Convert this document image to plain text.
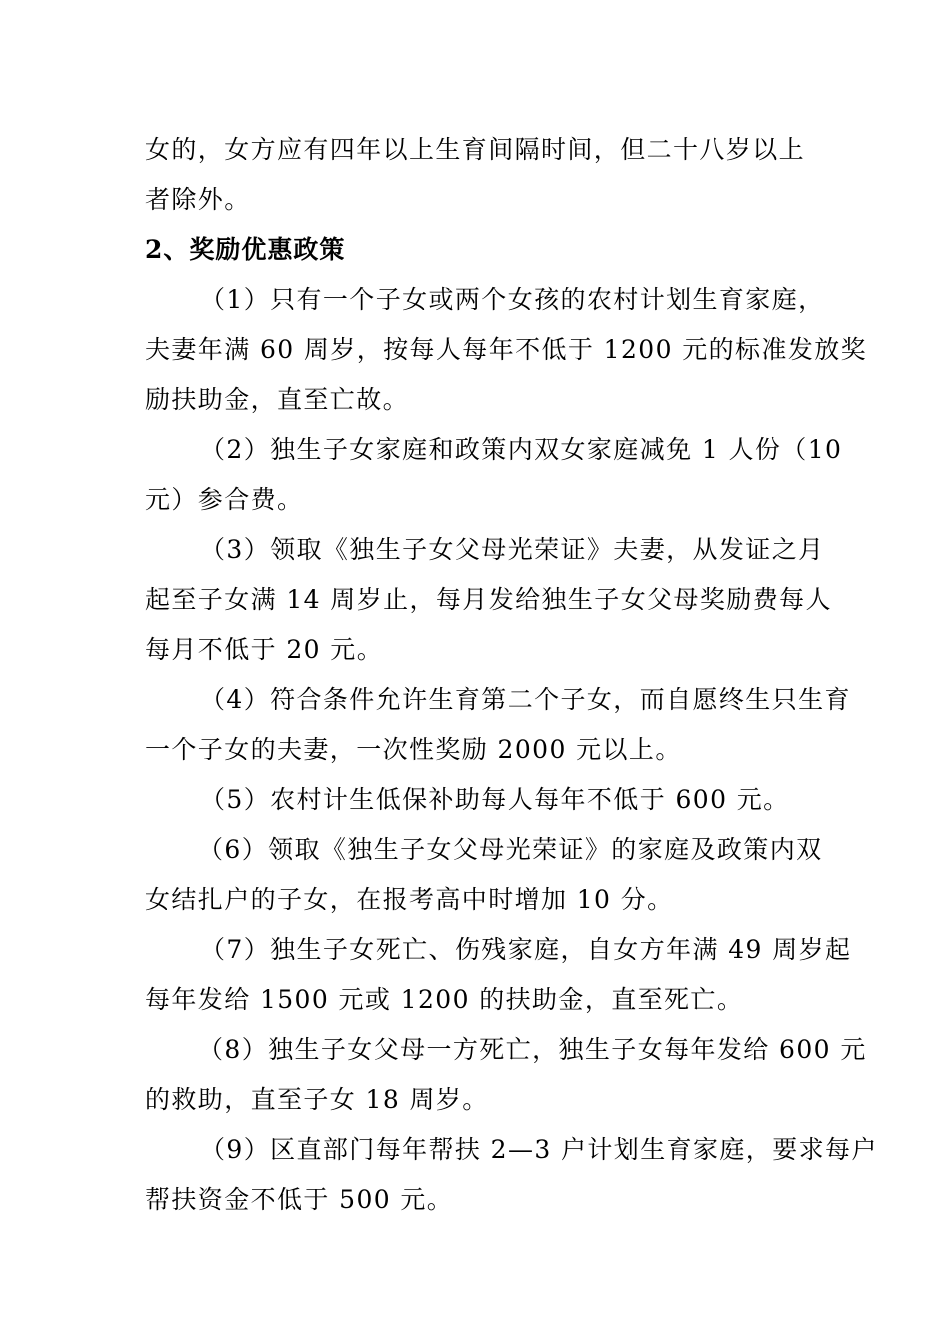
女的，女方应有四年以上生育间隔时间，但二十八岁以上
者除外。
2、奖励优惠政策
（1）只有一个子女或两个女孩的农村计划生育家庭，
夫妻年满 60 周岁，按每人每年不低于 1200 元的标准发放奖
励扶助金，直至亡故。
（2）独生子女家庭和政策内双女家庭减免 1 人份（10
元）参合费。
（3）领取《独生子女父母光荣证》夫妻，从发证之月
起至子女满 14 周岁止，每月发给独生子女父母奖励费每人
每月不低于 20 元。
（4）符合条件允许生育第二个子女，而自愿终生只生育
一个子女的夫妻，一次性奖励 2000 元以上。
（5）农村计生低保补助每人每年不低于 600 元。
（6）领取《独生子女父母光荣证》的家庭及政策内双
女结扎户的子女，在报考高中时增加 10 分。
（7）独生子女死亡、伤残家庭，自女方年满 49 周岁起
每年发给 1500 元或 1200 的扶助金，直至死亡。
（8）独生子女父母一方死亡，独生子女每年发给 600 元
的救助，直至子女 18 周岁。
（9）区直部门每年帮扶 2—3 户计划生育家庭，要求每户
帮扶资金不低于 500 元。
